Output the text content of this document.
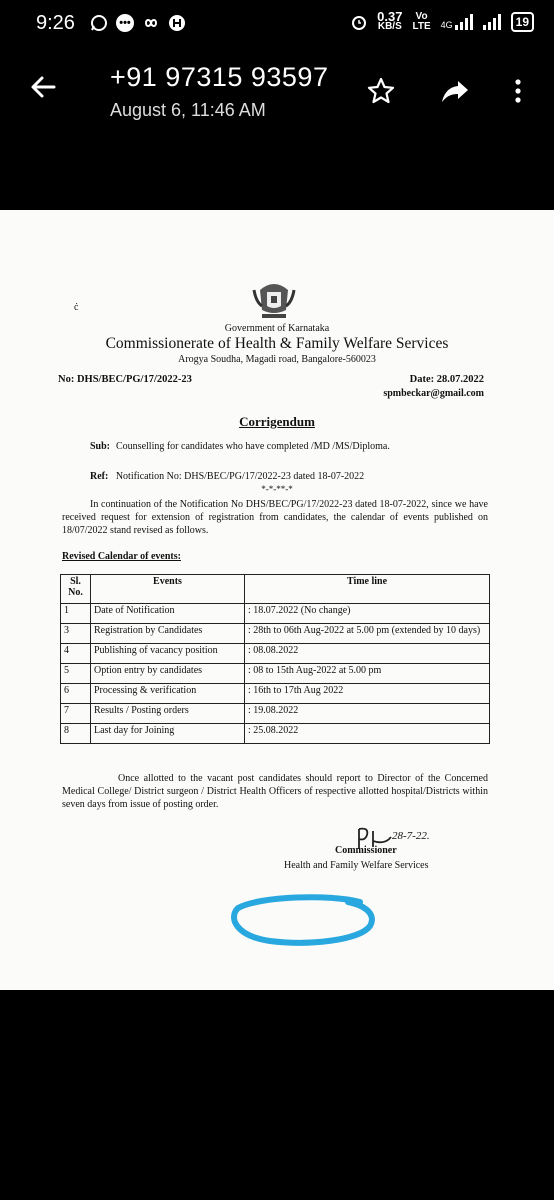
9:26	•••	0.37
KB/S
Vo
LTE 4G	19
+91 97315 93597
August 6, 11:46 AM
ċ
Government of Karnataka
Commissionerate of Health & Family Welfare Services
Arogya Soudha, Magadi road, Bangalore-560023
No: DHS/BEC/PG/17/2022-23	Date: 28.07.2022
spmbeckar@gmail.com
Corrigendum
Sub:	Counselling for candidates who have completed /MD /MS/Diploma.
Ref: Notification No: DHS/BEC/PG/17/2022-23 dated 18-07-2022
*-*-**-*
In continuation of the Notification No DHS/BEC/PG/17/2022-23 dated 18-07-2022, since we have received request for extension of registration from candidates, the calendar of events published on 18/07/2022 stand revised as follows.
Revised Calendar of events:
Sl. No.	Events	Time line
1	Date of Notification	: 18.07.2022 (No change)
3	Registration by Candidates	: 28th to 06th Aug-2022 at 5.00 pm (extended by 10 days)
4	Publishing of vacancy position	: 08.08.2022
5	Option entry by candidates	: 08 to 15th Aug-2022 at 5.00 pm
6	Processing & verification	: 16th to 17th Aug 2022
7	Results / Posting orders	: 19.08.2022
8	Last day for Joining	: 25.08.2022
Once allotted to the vacant post candidates should report to Director of the Concerned Medical College/ District surgeon / District Health Officers of respective allotted hospital/Districts within seven days from issue of posting order.
28-7-22.
Commissioner
Health and Family Welfare Services
